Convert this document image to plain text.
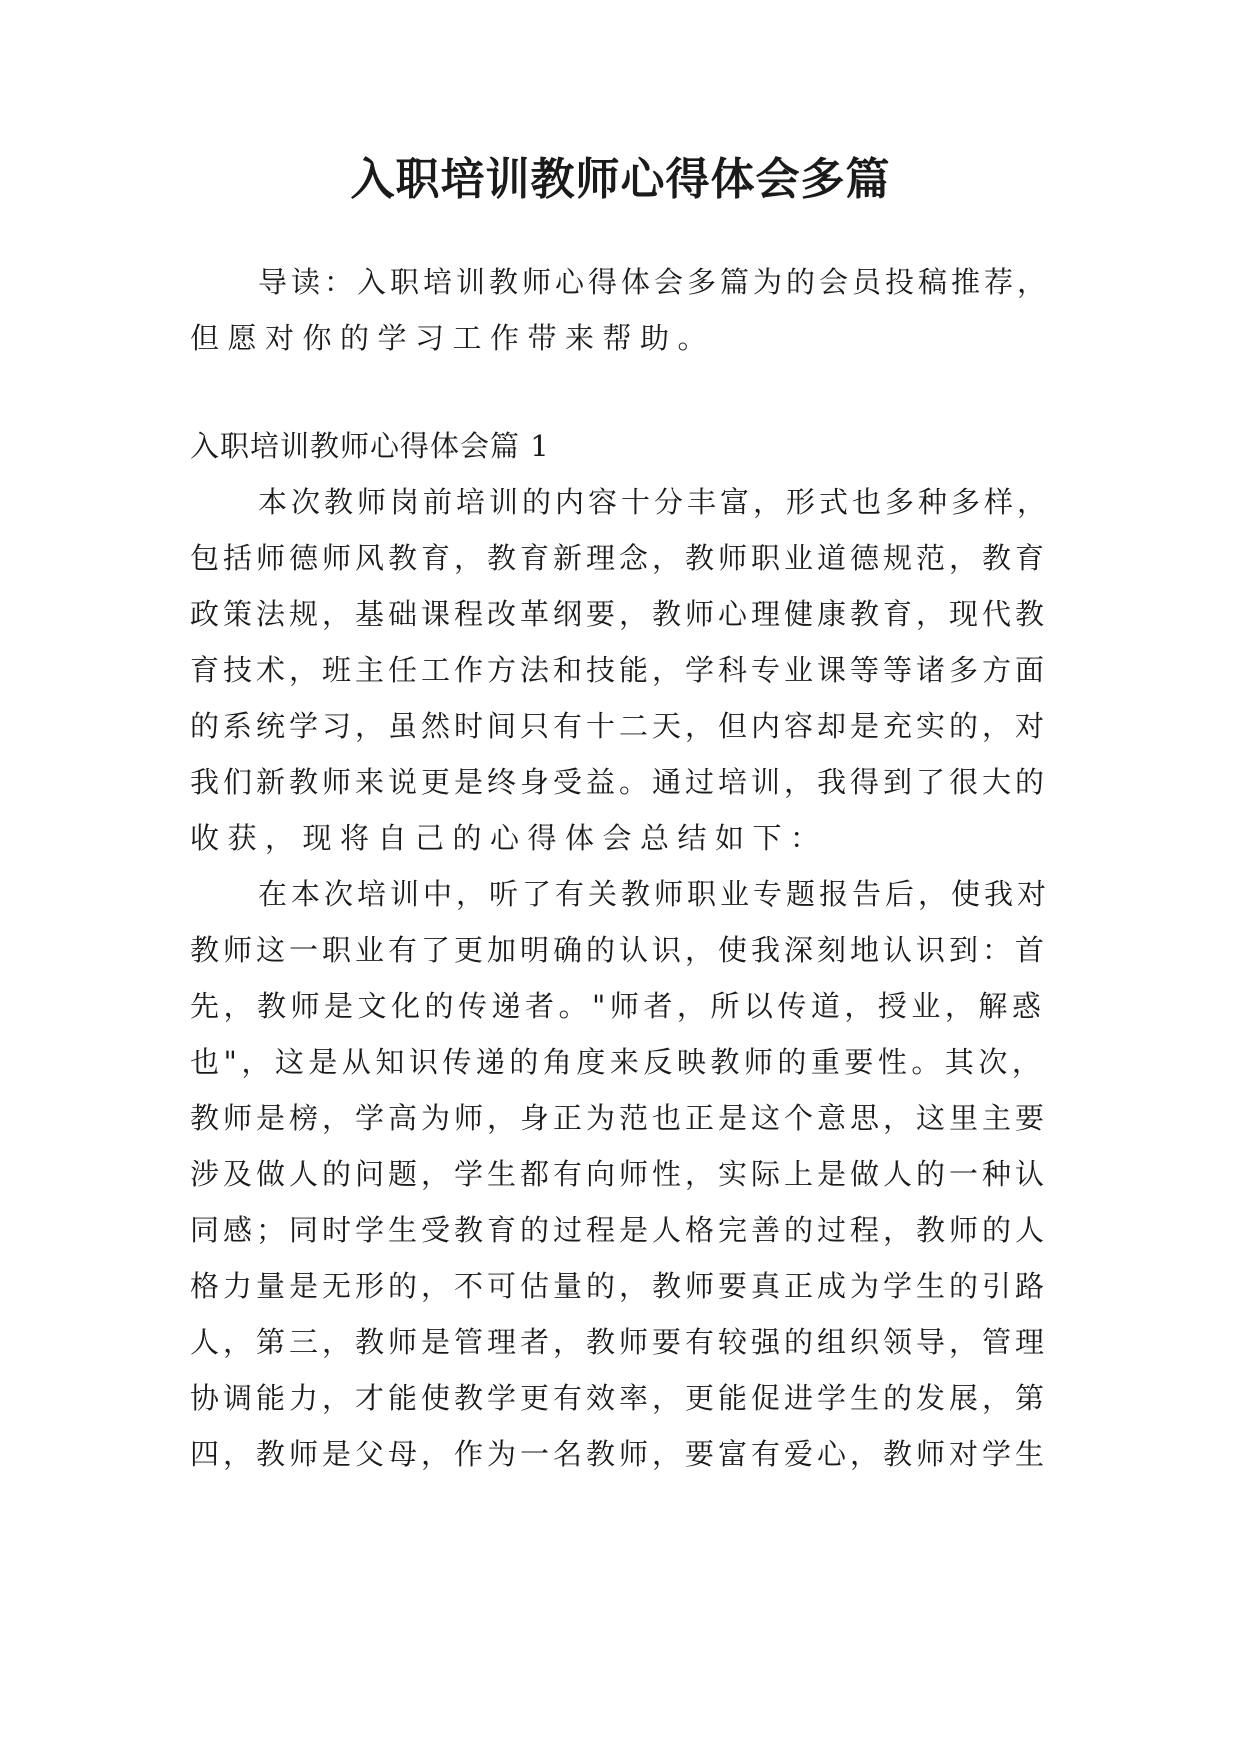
入职培训教师心得体会多篇
导读：入职培训教师心得体会多篇为的会员投稿推荐，
但愿对你的学习工作带来帮助。
入职培训教师心得体会篇 1
本次教师岗前培训的内容十分丰富，形式也多种多样，
包括师德师风教育，教育新理念，教师职业道德规范，教育
政策法规，基础课程改革纲要，教师心理健康教育，现代教
育技术，班主任工作方法和技能，学科专业课等等诸多方面
的系统学习，虽然时间只有十二天，但内容却是充实的，对
我们新教师来说更是终身受益。通过培训，我得到了很大的
收获，现将自己的心得体会总结如下：
在本次培训中，听了有关教师职业专题报告后，使我对
教师这一职业有了更加明确的认识，使我深刻地认识到：首
先，教师是文化的传递者。"师者，所以传道，授业，解惑
也"，这是从知识传递的角度来反映教师的重要性。其次，
教师是榜，学高为师，身正为范也正是这个意思，这里主要
涉及做人的问题，学生都有向师性，实际上是做人的一种认
同感；同时学生受教育的过程是人格完善的过程，教师的人
格力量是无形的，不可估量的，教师要真正成为学生的引路
人，第三，教师是管理者，教师要有较强的组织领导，管理
协调能力，才能使教学更有效率，更能促进学生的发展，第
四，教师是父母，作为一名教师，要富有爱心，教师对学生
